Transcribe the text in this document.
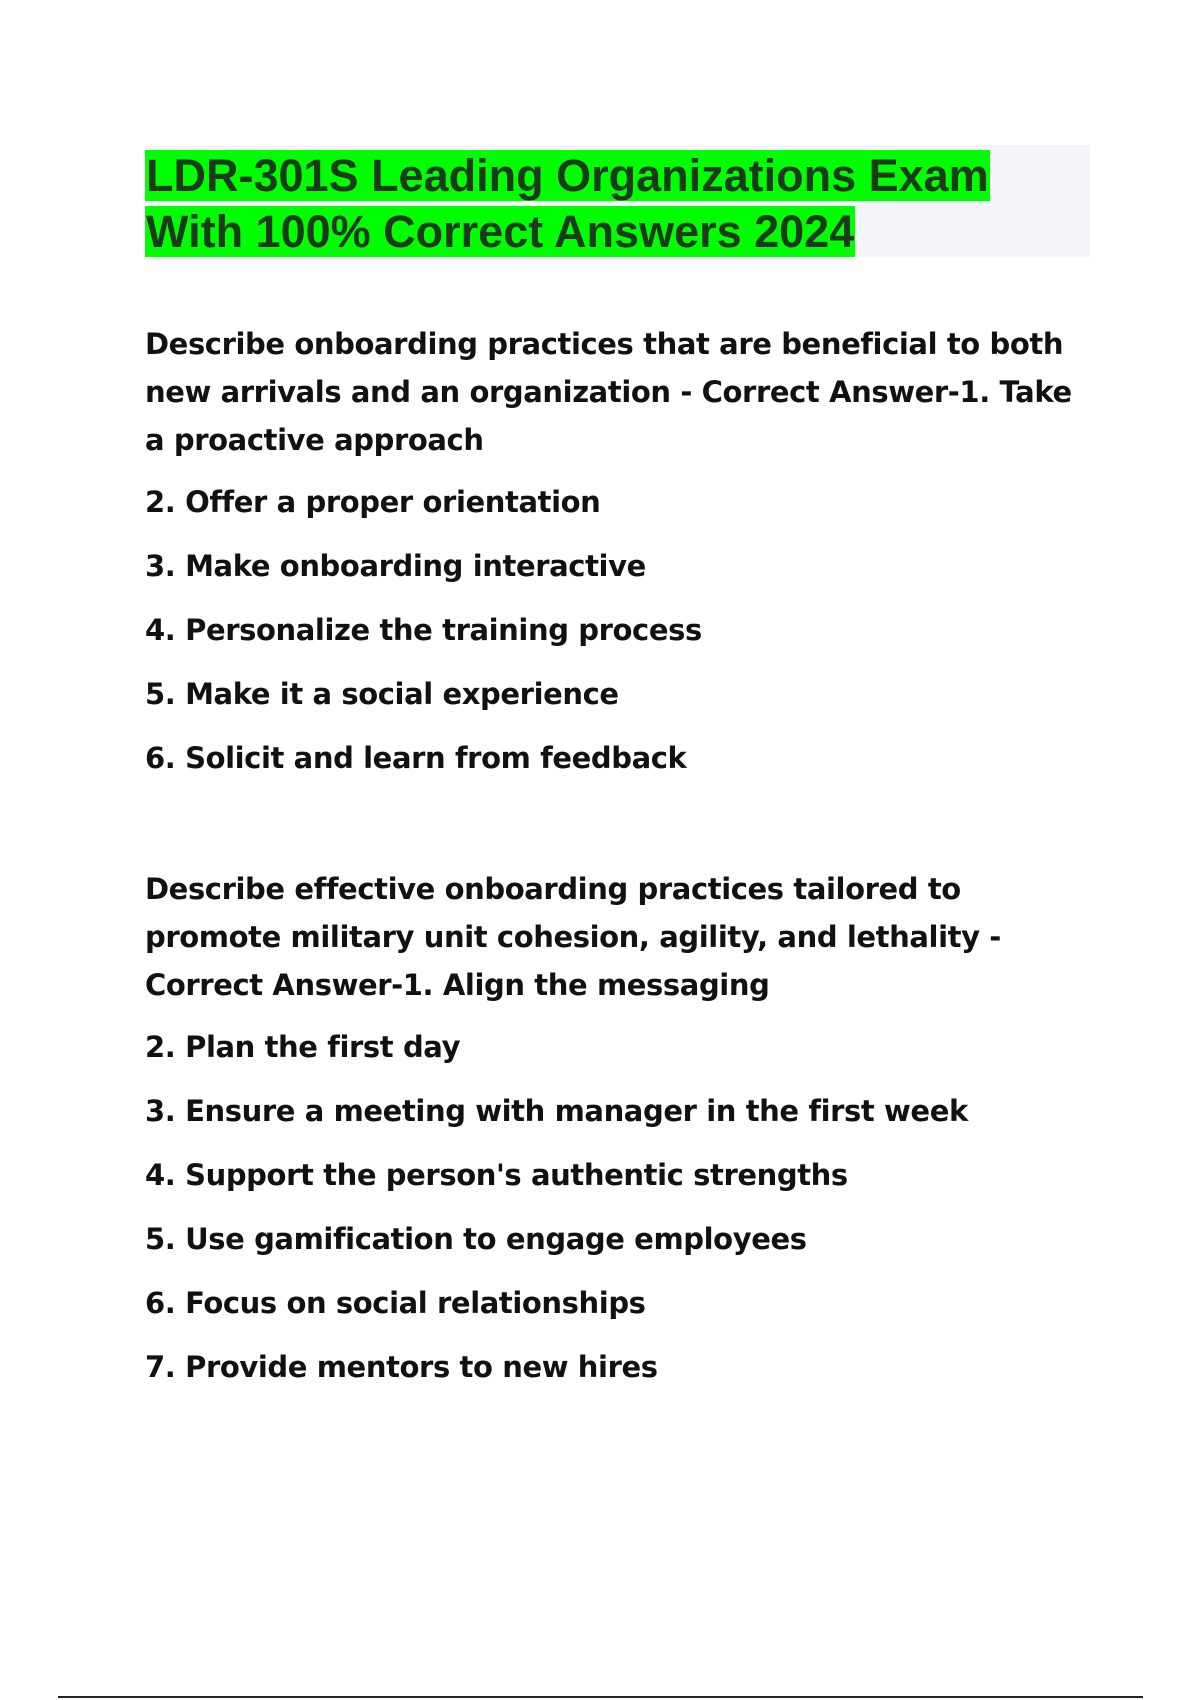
LDR-301S Leading Organizations Exam
With 100% Correct Answers 2024

Describe onboarding practices that are beneficial to both new arrivals and an organization - Correct Answer-1. Take a proactive approach

2. Offer a proper orientation
3. Make onboarding interactive
4. Personalize the training process
5. Make it a social experience
6. Solicit and learn from feedback

Describe effective onboarding practices tailored to promote military unit cohesion, agility, and lethality - Correct Answer-1. Align the messaging

2. Plan the first day
3. Ensure a meeting with manager in the first week
4. Support the person's authentic strengths
5. Use gamification to engage employees
6. Focus on social relationships
7. Provide mentors to new hires
